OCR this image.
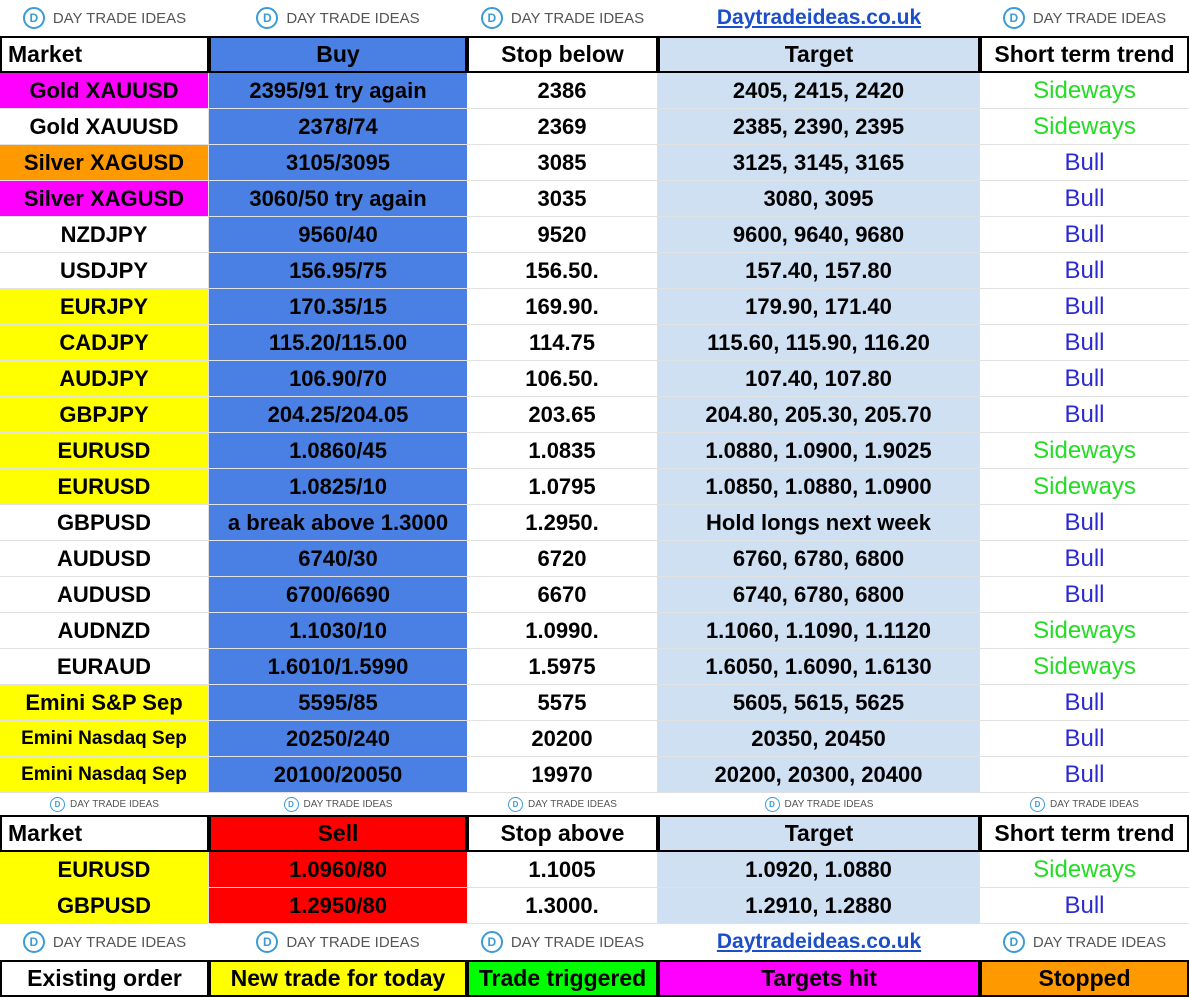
D DAY TRADE IDEAS	D DAY TRADE IDEAS	D DAY TRADE IDEAS	Daytradeideas.co.uk	D DAY TRADE IDEAS
Market	Buy	Stop below	Target	Short term trend
Gold XAUUSD	2395/91 try again	2386	2405, 2415, 2420	Sideways
Gold XAUUSD	2378/74	2369	2385, 2390, 2395	Sideways
Silver XAGUSD	3105/3095	3085	3125, 3145, 3165	Bull
Silver XAGUSD	3060/50 try again	3035	3080, 3095	Bull
NZDJPY	9560/40	9520	9600, 9640, 9680	Bull
USDJPY	156.95/75	156.50.	157.40, 157.80	Bull
EURJPY	170.35/15	169.90.	179.90, 171.40	Bull
CADJPY	115.20/115.00	114.75	115.60, 115.90, 116.20	Bull
AUDJPY	106.90/70	106.50.	107.40, 107.80	Bull
GBPJPY	204.25/204.05	203.65	204.80, 205.30, 205.70	Bull
EURUSD	1.0860/45	1.0835	1.0880, 1.0900, 1.9025	Sideways
EURUSD	1.0825/10	1.0795	1.0850, 1.0880, 1.0900	Sideways
GBPUSD	a break above 1.3000	1.2950.	Hold longs next week	Bull
AUDUSD	6740/30	6720	6760, 6780, 6800	Bull
AUDUSD	6700/6690	6670	6740, 6780, 6800	Bull
AUDNZD	1.1030/10	1.0990.	1.1060, 1.1090, 1.1120	Sideways
EURAUD	1.6010/1.5990	1.5975	1.6050, 1.6090, 1.6130	Sideways
Emini S&P Sep	5595/85	5575	5605, 5615, 5625	Bull
Emini Nasdaq Sep	20250/240	20200	20350, 20450	Bull
Emini Nasdaq Sep	20100/20050	19970	20200, 20300, 20400	Bull
D DAY TRADE IDEAS	D DAY TRADE IDEAS	D DAY TRADE IDEAS	D DAY TRADE IDEAS	D DAY TRADE IDEAS
Market	Sell	Stop above	Target	Short term trend
EURUSD	1.0960/80	1.1005	1.0920, 1.0880	Sideways
GBPUSD	1.2950/80	1.3000.	1.2910, 1.2880	Bull
D DAY TRADE IDEAS	D DAY TRADE IDEAS	D DAY TRADE IDEAS	Daytradeideas.co.uk	D DAY TRADE IDEAS
Existing order	New trade for today	Trade triggered	Targets hit	Stopped
